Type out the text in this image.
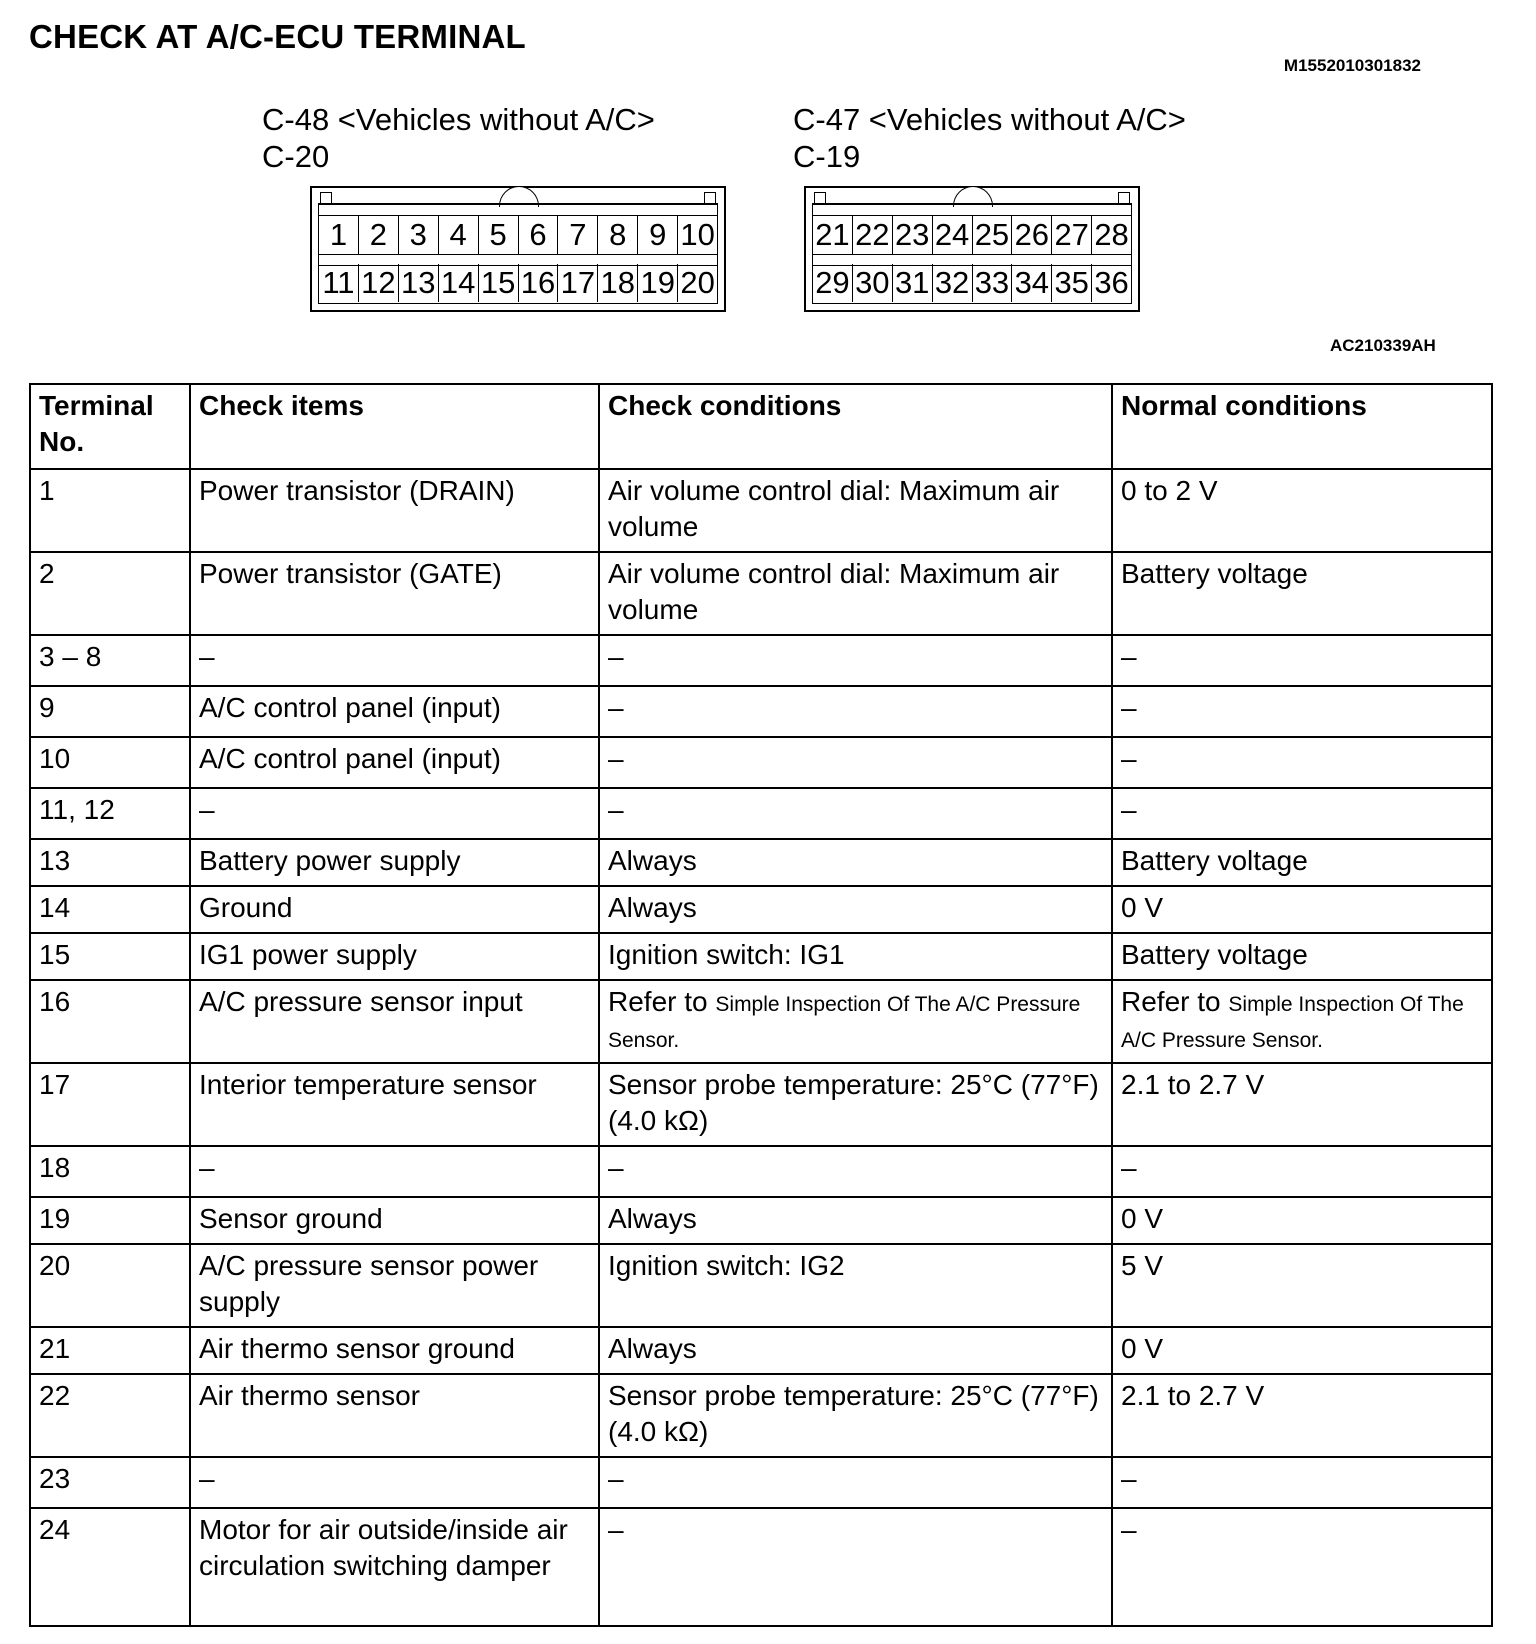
CHECK AT A/C-ECU TERMINAL
M1552010301832
C-48 <Vehicles without A/C>
C-20
1 2 3 4 5 6 7 8 9 10
11 12 13 14 15 16 17 18 19 20
C-47 <Vehicles without A/C>
C-19
21 22 23 24 25 26 27 28
29 30 31 32 33 34 35 36
AC210339AH
Terminal No.	Check items	Check conditions	Normal conditions
1	Power transistor (DRAIN)	Air volume control dial: Maximum air volume	0 to 2 V
2	Power transistor (GATE)	Air volume control dial: Maximum air volume	Battery voltage
3 – 8	–	–	–
9	A/C control panel (input)	–	–
10	A/C control panel (input)	–	–
11, 12	–	–	–
13	Battery power supply	Always	Battery voltage
14	Ground	Always	0 V
15	IG1 power supply	Ignition switch: IG1	Battery voltage
16	A/C pressure sensor input	Refer to Simple Inspection Of The A/C Pressure Sensor.	Refer to Simple Inspection Of The A/C Pressure Sensor.
17	Interior temperature sensor	Sensor probe temperature: 25°C (77°F) (4.0 kΩ)	2.1 to 2.7 V
18	–	–	–
19	Sensor ground	Always	0 V
20	A/C pressure sensor power supply	Ignition switch: IG2	5 V
21	Air thermo sensor ground	Always	0 V
22	Air thermo sensor	Sensor probe temperature: 25°C (77°F) (4.0 kΩ)	2.1 to 2.7 V
23	–	–	–
24	Motor for air outside/inside air circulation switching damper	–	–
